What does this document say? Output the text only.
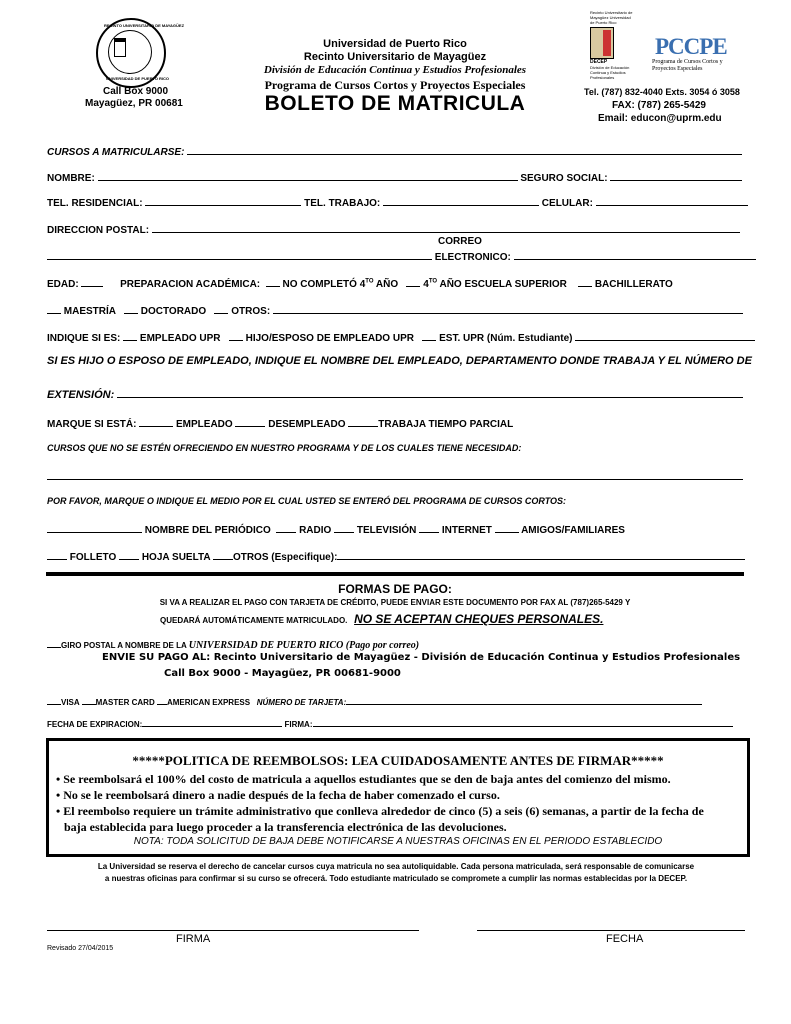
RECINTO UNIVERSITARIO DE MAYAGÜEZ
UNIVERSIDAD DE PUERTO RICO
Call Box 9000
Mayagüez, PR 00681
Universidad de Puerto Rico
Recinto Universitario de Mayagüez
División de Educación Continua y Estudios Profesionales
Programa de Cursos Cortos y Proyectos Especiales
BOLETO DE MATRICULA
Recinto Universitario de Mayagüez Universidad de Puerto Rico
DECEP
División de Educación Continua y Estudios Profesionales
PCCPE
Programa de Cursos Cortos y Proyectos Especiales
Tel. (787) 832-4040 Exts. 3054 ó 3058
FAX: (787) 265-5429
Email: educon@uprm.edu
CURSOS A MATRICULARSE:
NOMBRE:	SEGURO SOCIAL:
TEL. RESIDENCIAL:	TEL. TRABAJO:	CELULAR:
DIRECCION POSTAL:
CORREO
ELECTRONICO:
EDAD:	PREPARACION ACADÉMICA: NO COMPLETÓ $4^{TO}$ AÑO	$4^{TO}$ AÑO ESCUELA SUPERIOR	BACHILLERATO
MAESTRÍA	DOCTORADO	OTROS:
INDIQUE SI ES: EMPLEADO UPR	HIJO/ESPOSO DE EMPLEADO UPR	EST. UPR (Núm. Estudiante)
SI ES HIJO O ESPOSO DE EMPLEADO, INDIQUE EL NOMBRE DEL EMPLEADO, DEPARTAMENTO DONDE TRABAJA Y EL NÚMERO DE
EXTENSIÓN:
MARQUE SI ESTÁ:	EMPLEADO	DESEMPLEADO	TRABAJA TIEMPO PARCIAL
CURSOS QUE NO SE ESTÉN OFRECIENDO EN NUESTRO PROGRAMA Y DE LOS CUALES TIENE NECESIDAD:
POR FAVOR, MARQUE O INDIQUE EL MEDIO POR EL CUAL USTED SE ENTERÓ DEL PROGRAMA DE CURSOS CORTOS:
NOMBRE DEL PERIÓDICO	RADIO	TELEVISIÓN	INTERNET	AMIGOS/FAMILIARES
FOLLETO	HOJA SUELTA OTROS (Especifique):
FORMAS DE PAGO:
SI VA A REALIZAR EL PAGO CON TARJETA DE CRÉDITO, PUEDE ENVIAR ESTE DOCUMENTO POR FAX AL (787)265-5429 Y
QUEDARÁ AUTOMÁTICAMENTE MATRICULADO. NO SE ACEPTAN CHEQUES PERSONALES.
GIRO POSTAL A NOMBRE DE LA UNIVERSIDAD DE PUERTO RICO (Pago por correo)
ENVIE SU PAGO AL: Recinto Universitario de Mayagüez - División de Educación Continua y Estudios Profesionales
Call Box 9000 - Mayagüez, PR 00681-9000
VISA MASTER CARD AMERICAN EXPRESS NÚMERO DE TARJETA:
FECHA DE EXPIRACION:	FIRMA:
*****POLITICA DE REEMBOLSOS: LEA CUIDADOSAMENTE ANTES DE FIRMAR*****
• Se reembolsará el 100% del costo de matricula a aquellos estudiantes que se den de baja antes del comienzo del mismo.
• No se le reembolsará dinero a nadie después de la fecha de haber comenzado el curso.
• El reembolso requiere un trámite administrativo que conlleva alrededor de cinco (5) a seis (6) semanas, a partir de la fecha de
baja establecida para luego proceder a la transferencia electrónica de las devoluciones.
NOTA: TODA SOLICITUD DE BAJA DEBE NOTIFICARSE A NUESTRAS OFICINAS EN EL PERIODO ESTABLECIDO
La Universidad se reserva el derecho de cancelar cursos cuya matricula no sea autoliquidable. Cada persona matriculada, será responsable de comunicarse
a nuestras oficinas para confirmar si su curso se ofrecerá. Todo estudiante matriculado se compromete a cumplir las normas establecidas por la DECEP.
FIRMA	FECHA
Revisado 27/04/2015
